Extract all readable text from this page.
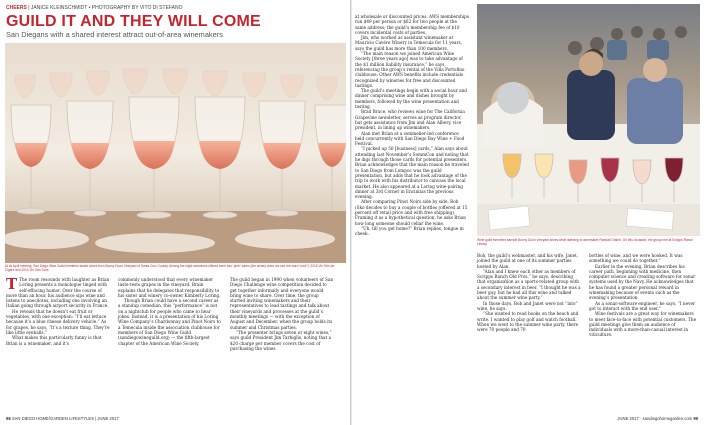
CHEERS | JANICE KLEINSCHMIDT • PHOTOGRAPHY BY VITO DI STEFANO
GUILD IT AND THEY WILL COME
San Diegans with a shared interest attract out-of-area winemakers
At its April meeting, San Diego Wine Guild members tasted wines from Bonny Doon Vineyard of Santa Cruz County. Among the eight selections offered were two “pink” wines (the winery does not use the word “rosé”): 2016 Vin Gris de Cigare and 2015 Vin Gris Tués.
T The room resounds with laughter as Brian Loring presents a monologue tinged with self-effacing humor. Over the course of more than an hour, his audience sips wine and listens to anecdotes, including one involving an Italian going through airport security in France.

He reveals that he doesn’t eat fruit or vegetables, with one exception: “I’ll eat lettuce because it’s a blue cheese delivery vehicle.” As for grapes, he says, “It’s a texture thing. They’re like little eyeballs.”

What makes this particularly funny is that Brian is a winemaker, and it’s

commonly understood that every winemaker taste-tests grapes in the vineyard. Brain explains that he delegates that responsibility to his sister and winery co-owner Kimberly Loring.

Though Brian could have a second career as a standup comedian, this “performance” is not on a nightclub for people who came to hear jokes. Instead, it is a presentation of his Loring Wine Company’s Chardonnay and Pinot Noirs to a Temecula inside the association clubhouse for members of San Diego Wine Guild (sandiegowineguild.org) — the fifth-largest chapter of the American Wine Society.

The guild began in 1990 when volunteers of San Diego Challenge wine competition decided to get together informally and everyone would bring wine to share. Over time, the group started inviting winemakers and their representatives to lead tastings and talk about their vineyards and processes at the guild’s monthly meetings — with the exception of August and December, when the group holds its summer and Christmas parties.

“The presenter brings seven or eight wines,” says guild President Jim Tarhiglis, noting that a $20 charge per member covers the cost of purchasing the wines

98 SAN DIEGO HOME/GARDEN LIFESTYLES | JUNE 2017

at wholesale or discounted prices. AWS memberships run $49 per person or $62 for two people at the same address; the guild’s membership fee of $10 covers incidental costs of parties.

Jim, who worked as assistant winemaker at Mauricio Cavére Winery in Temecula for 11 years, says the guild has more than 100 members.

“The main reason we joined American Wine Society [three years ago] was to take advantage of the $1 million liability insurance,” he says, referencing the group’s rental of the Villa Portofino clubhouse. Other AWS benefits include credentials recognized by wineries for free and discounted tastings.

The guild’s meetings begin with a social hour and dinner comprising wine and dishes brought by members, followed by the wine presentation and tasting.

Brad Bruce, who reviews wine for The California Grapevine newsletter, serves as program director, but gets assistance from Jim and Alan Albery, vice president, in lining up winemakers.

Alan met Brian at a sommelier-led conference held concurrently with San Diego Bay Wine + Food Festival.

“I picked up 50 [business] cards,” Alan says about attending last November’s SommCon and noting that he digs through those cards for potential presenters. Brian acknowledges that the main reason he traveled to San Diego from Lompoc was the guild presentation, but adds that he took advantage of the trip to work with his distributor to canvass the local market. He also appeared at a Loring wine-pairing dinner at 3rd Corner in Encinitas the previous evening.

After comparing Pinot Noirs side by side, Bob (Sko decides to buy a couple of bottles (offered at 15 percent off retail price and with free shipping). Framing it as a hypothetical question, he asks Brian how long someone should cellar the wine.

“Uh, till you get home?” Brian replies, tongue in cheek.

Wine guild members sample Bonny Doon Vineyard wines while listening to winemaker Randall Grahm. On this occasion, the group met at Scripps Ranch Library.

Bob, the guild’s webmaster, and his wife, Janet, joined the guild at one of its summer parties hosted by Alan.

“Alan and I knew each other as members of Scripps Ranch Old Pros,” he says, describing that organization as a sports-related group with a secondary interest in beer. “I thought he was a beer guy, but he had all this wine and talked about the summer wine party.”

In those days, Bob and Janet were not “into” wine, he says.

“She wanted to read books on the beach and write. I wanted to play golf and watch football. When we went to the summer wine party, there were 70 people and 70

bottles of wine, and we were hooked. It was something we could do together.”

Earlier in the evening, Brian describes his career path, beginning with medicine, then computer science and creating software for sonar systems used by the Navy. He acknowledges that he has found a greater personal reward in winemaking because of events such as the evening’s presentation.

As a sonar-software engineer, he says, “I never got to interact with the end user.”

Wine festivals are a great way for winemakers to meet face-to-face with potential customers. The guild meetings give them an audience of individuals with a more-than-casual interest in viticulture.

JUNE 2017 · sandiegohomegarden.com 99
